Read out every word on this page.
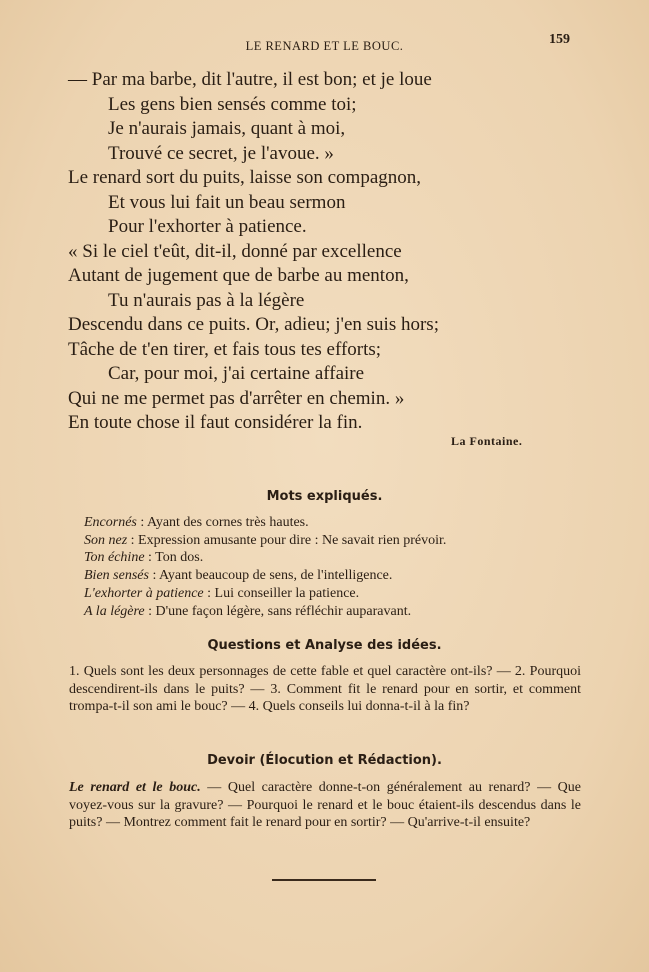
LE RENARD ET LE BOUC.	159
— Par ma barbe, dit l'autre, il est bon; et je loue
Les gens bien sensés comme toi;
Je n'aurais jamais, quant à moi,
Trouvé ce secret, je l'avoue. »
Le renard sort du puits, laisse son compagnon,
Et vous lui fait un beau sermon
Pour l'exhorter à patience.
« Si le ciel t'eût, dit-il, donné par excellence
Autant de jugement que de barbe au menton,
Tu n'aurais pas à la légère
Descendu dans ce puits. Or, adieu; j'en suis hors;
Tâche de t'en tirer, et fais tous tes efforts;
Car, pour moi, j'ai certaine affaire
Qui ne me permet pas d'arrêter en chemin. »
En toute chose il faut considérer la fin.
La Fontaine.
Mots expliqués.
Encornés : Ayant des cornes très hautes.
Son nez : Expression amusante pour dire : Ne savait rien prévoir.
Ton échine : Ton dos.
Bien sensés : Ayant beaucoup de sens, de l'intelligence.
L'exhorter à patience : Lui conseiller la patience.
A la légère : D'une façon légère, sans réfléchir auparavant.
Questions et Analyse des idées.
1. Quels sont les deux personnages de cette fable et quel caractère ont-ils? — 2. Pourquoi descendirent-ils dans le puits? — 3. Comment fit le renard pour en sortir, et comment trompa-t-il son ami le bouc? — 4. Quels conseils lui donna-t-il à la fin?
Devoir (Élocution et Rédaction).
Le renard et le bouc. — Quel caractère donne-t-on généralement au renard? — Que voyez-vous sur la gravure? — Pourquoi le renard et le bouc étaient-ils descendus dans le puits? — Montrez comment fait le renard pour en sortir? — Qu'arrive-t-il ensuite?
